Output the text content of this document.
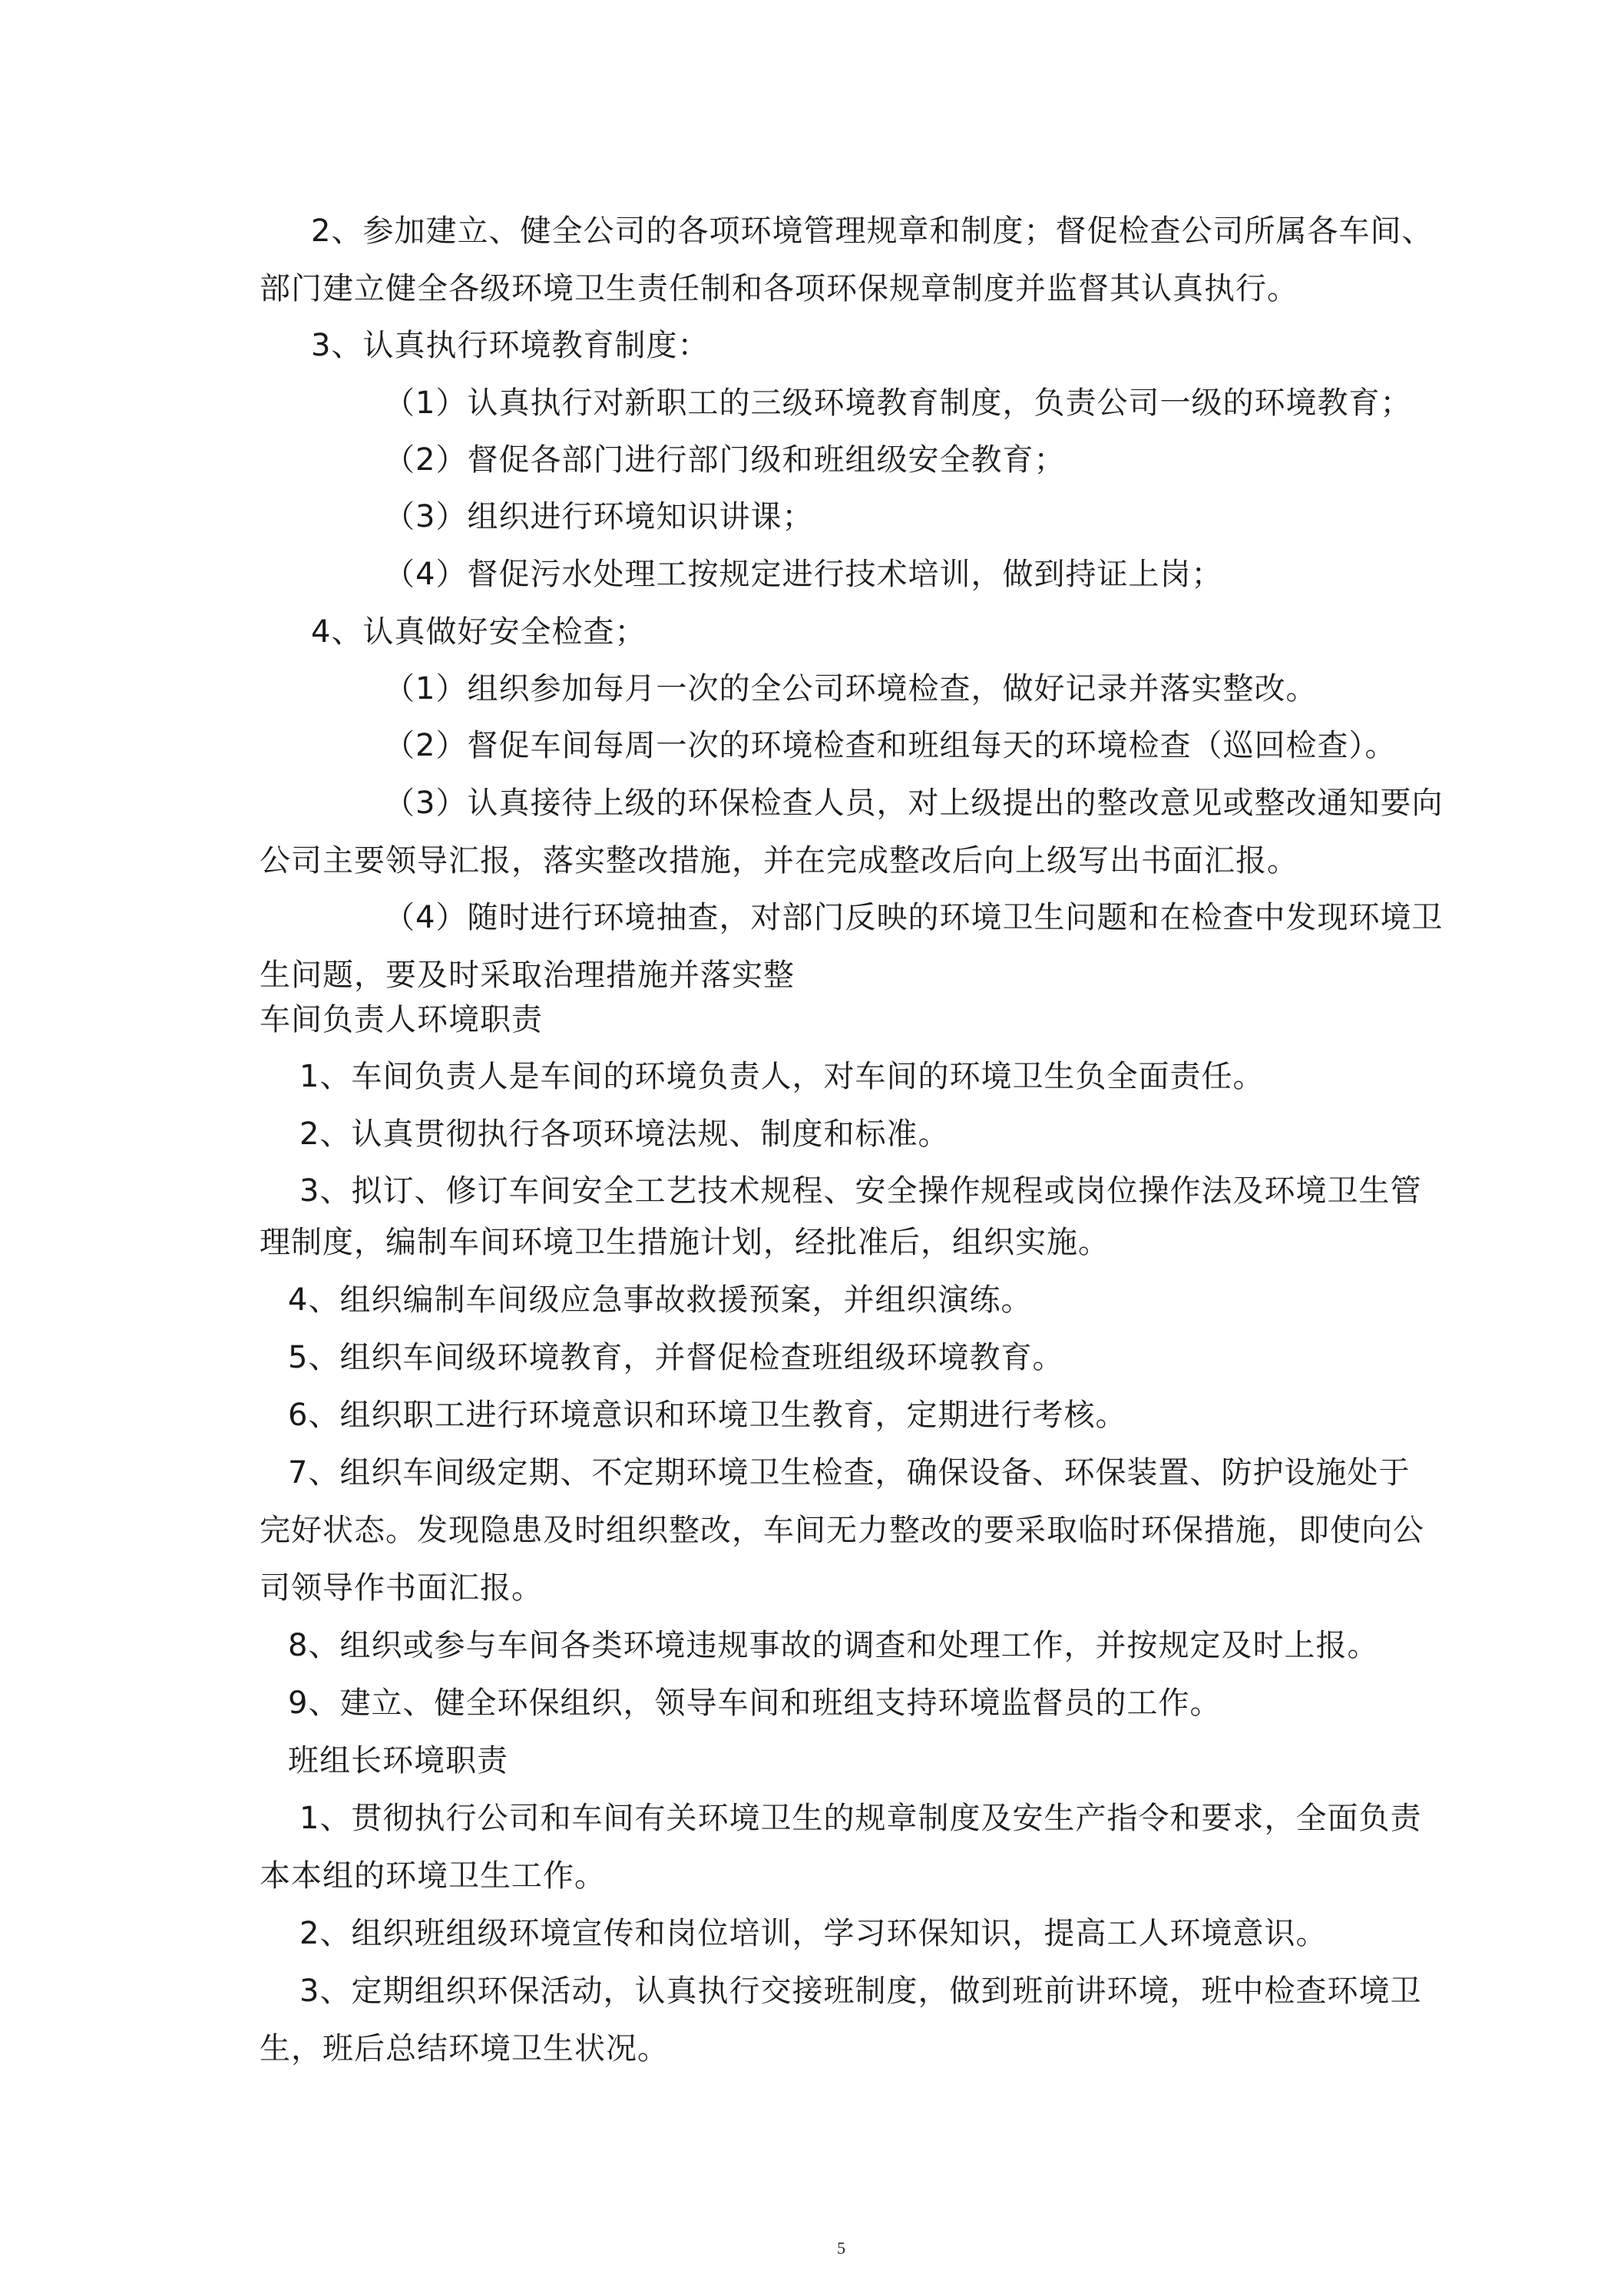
2、参加建立、健全公司的各项环境管理规章和制度；督促检查公司所属各车间、

部门建立健全各级环境卫生责任制和各项环保规章制度并监督其认真执行。

3、认真执行环境教育制度：

（1）认真执行对新职工的三级环境教育制度，负责公司一级的环境教育；

（2）督促各部门进行部门级和班组级安全教育；

（3）组织进行环境知识讲课；

（4）督促污水处理工按规定进行技术培训，做到持证上岗；

4、认真做好安全检查；

（1）组织参加每月一次的全公司环境检查，做好记录并落实整改。

（2）督促车间每周一次的环境检查和班组每天的环境检查（巡回检查）。

（3）认真接待上级的环保检查人员，对上级提出的整改意见或整改通知要向

公司主要领导汇报，落实整改措施，并在完成整改后向上级写出书面汇报。

（4）随时进行环境抽查，对部门反映的环境卫生问题和在检查中发现环境卫

生问题，要及时采取治理措施并落实整

车间负责人环境职责

1、车间负责人是车间的环境负责人，对车间的环境卫生负全面责任。

2、认真贯彻执行各项环境法规、制度和标准。

3、拟订、修订车间安全工艺技术规程、安全操作规程或岗位操作法及环境卫生管

理制度，编制车间环境卫生措施计划，经批准后，组织实施。

4、组织编制车间级应急事故救援预案，并组织演练。

5、组织车间级环境教育，并督促检查班组级环境教育。

6、组织职工进行环境意识和环境卫生教育，定期进行考核。

7、组织车间级定期、不定期环境卫生检查，确保设备、环保装置、防护设施处于

完好状态。发现隐患及时组织整改，车间无力整改的要采取临时环保措施，即使向公

司领导作书面汇报。

8、组织或参与车间各类环境违规事故的调查和处理工作，并按规定及时上报。

9、建立、健全环保组织，领导车间和班组支持环境监督员的工作。

班组长环境职责

1、贯彻执行公司和车间有关环境卫生的规章制度及安生产指令和要求，全面负责

本本组的环境卫生工作。

2、组织班组级环境宣传和岗位培训，学习环保知识，提高工人环境意识。

3、定期组织环保活动，认真执行交接班制度，做到班前讲环境，班中检查环境卫

生，班后总结环境卫生状况。

5
